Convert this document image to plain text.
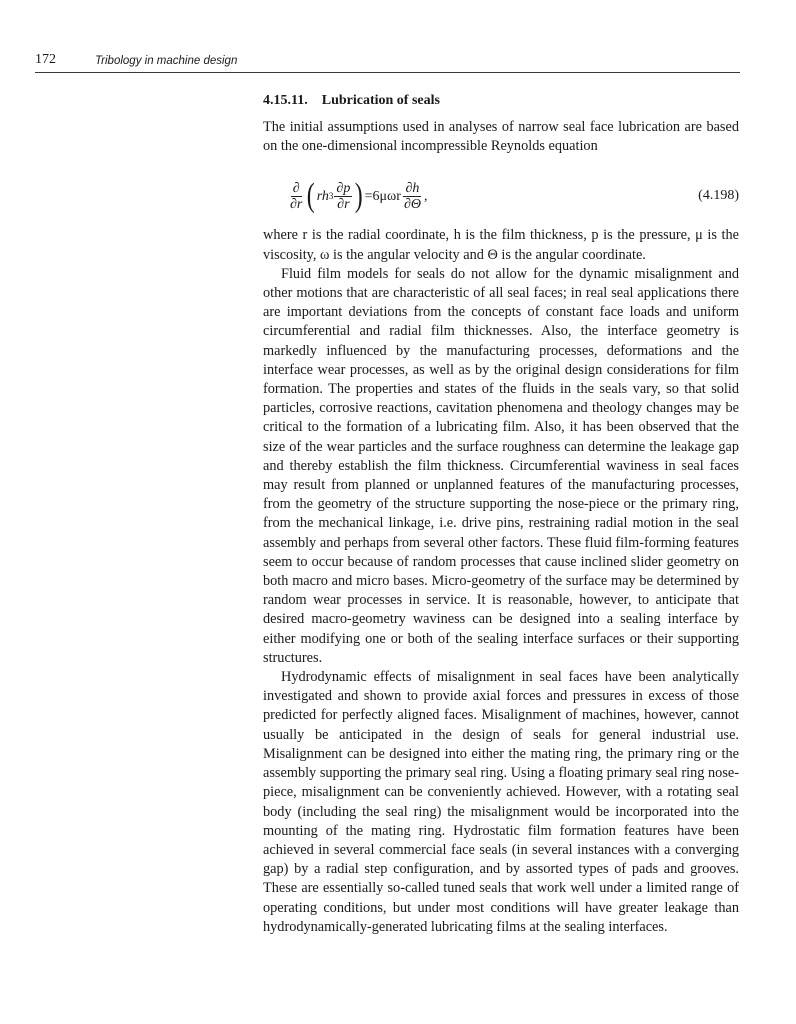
172	Tribology in machine design
4.15.11. Lubrication of seals

The initial assumptions used in analyses of narrow seal face lubrication are based on the one-dimensional incompressible Reynolds equation

$\frac{\partial}{\partial r}$ ( rh $3 \frac{\partial p}{\partial r}$ ) $=6\mu\omega r \frac{\partial h}{\partial\Theta}$ ,	(4.198)

where r is the radial coordinate, h is the film thickness, p is the pressure, μ is the viscosity, ω is the angular velocity and Θ is the angular coordinate.

Fluid film models for seals do not allow for the dynamic misalignment and other motions that are characteristic of all seal faces; in real seal applications there are important deviations from the concepts of constant face loads and uniform circumferential and radial film thicknesses. Also, the interface geometry is markedly influenced by the manufacturing processes, deformations and the interface wear processes, as well as by the original design considerations for film formation. The properties and states of the fluids in the seals vary, so that solid particles, corrosive reactions, cavitation phenomena and theology changes may be critical to the formation of a lubricating film. Also, it has been observed that the size of the wear particles and the surface roughness can determine the leakage gap and thereby establish the film thickness. Circumferential waviness in seal faces may result from planned or unplanned features of the manufacturing processes, from the geometry of the structure supporting the nose-piece or the primary ring, from the mechanical linkage, i.e. drive pins, restraining radial motion in the seal assembly and perhaps from several other factors. These fluid film-forming features seem to occur because of random processes that cause inclined slider geometry on both macro and micro bases. Micro-geometry of the surface may be determined by random wear processes in service. It is reasonable, however, to anticipate that desired macro-geometry waviness can be designed into a sealing interface by either modifying one or both of the sealing interface surfaces or their supporting structures.

Hydrodynamic effects of misalignment in seal faces have been analytically investigated and shown to provide axial forces and pressures in excess of those predicted for perfectly aligned faces. Misalignment of machines, however, cannot usually be anticipated in the design of seals for general industrial use. Misalignment can be designed into either the mating ring, the primary ring or the assembly supporting the primary seal ring. Using a floating primary seal ring nose-piece, misalignment can be conveniently achieved. However, with a rotating seal body (including the seal ring) the misalignment would be incorporated into the mounting of the mating ring. Hydrostatic film formation features have been achieved in several commercial face seals (in several instances with a converging gap) by a radial step configuration, and by assorted types of pads and grooves. These are essentially so-called tuned seals that work well under a limited range of operating conditions, but under most conditions will have greater leakage than hydrodynamically-generated lubricating films at the sealing interfaces.
